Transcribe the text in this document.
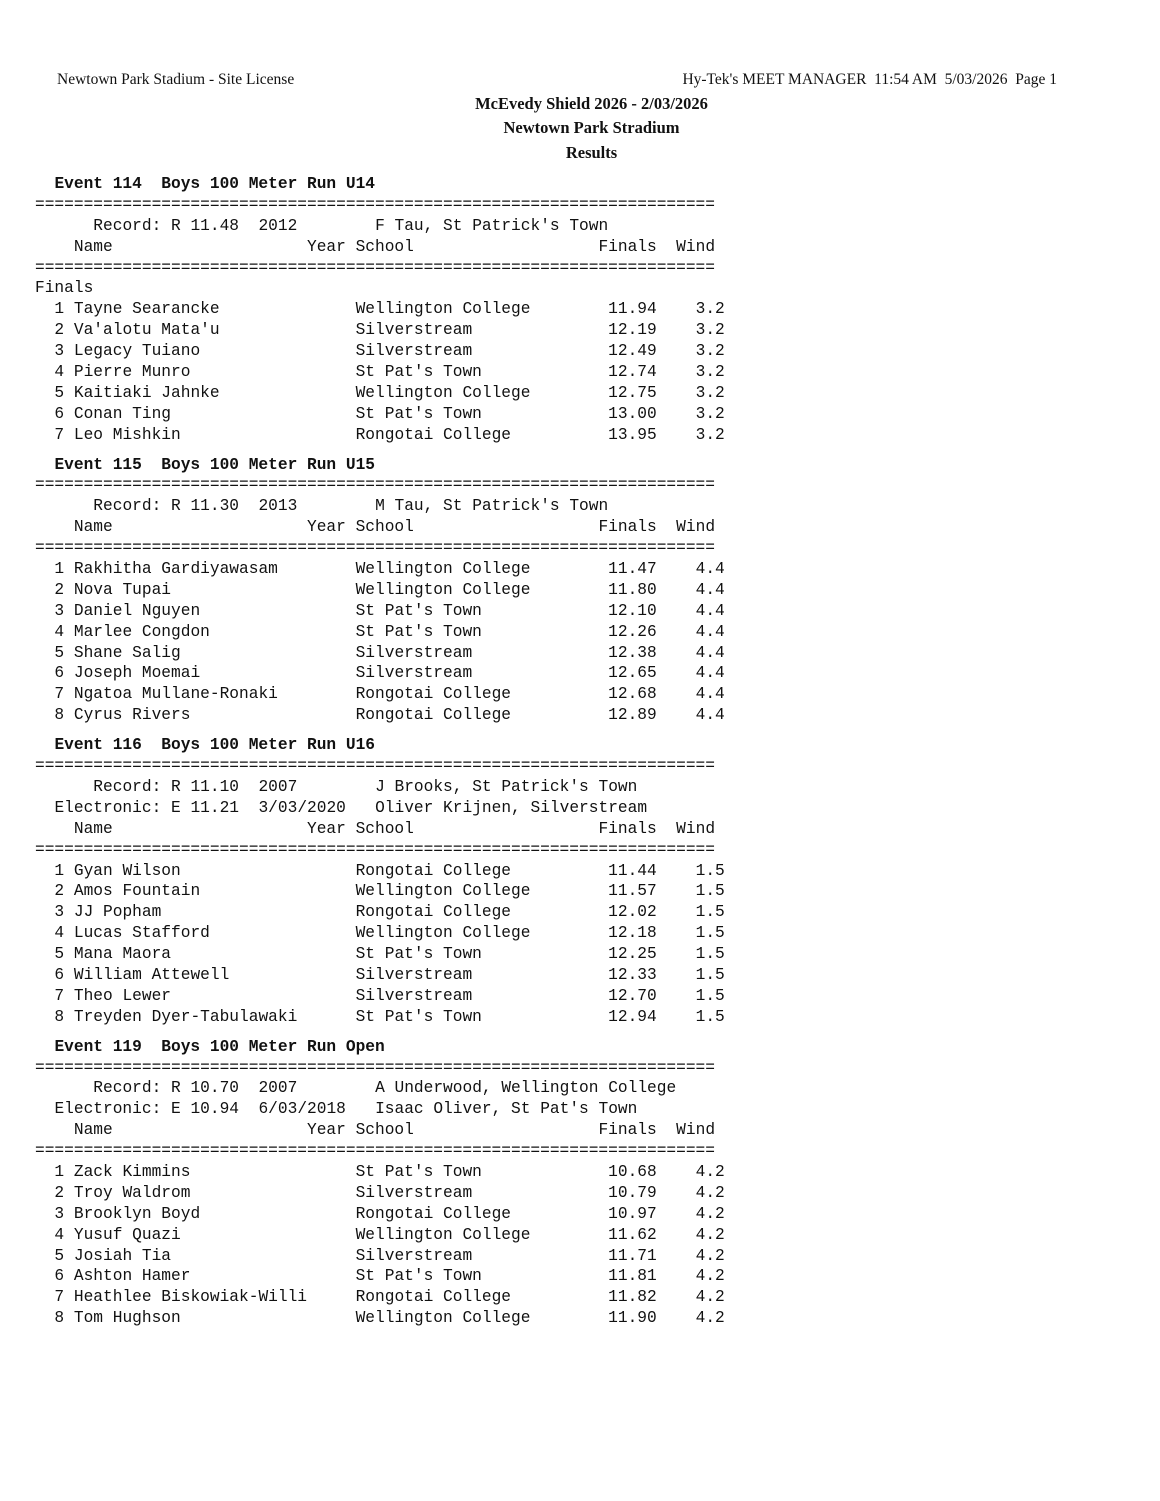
Newtown Park Stadium - Site License	Hy-Tek's MEET MANAGER  11:54 AM  5/03/2026  Page 1
McEvedy Shield 2026 - 2/03/2026
Newtown Park Stradium
Results
Event 114  Boys 100 Meter Run U14
======================================================================
Record: R 11.48 2012        F Tau, St Patrick's Town
Name                    Year School                   Finals Wind
======================================================================
Finals
1 Tayne Searancke              Wellington College        11.94    3.2
2 Va'alotu Mata'u              Silverstream              12.19    3.2
3 Legacy Tuiano                Silverstream              12.49    3.2
4 Pierre Munro                 St Pat's Town             12.74    3.2
5 Kaitiaki Jahnke              Wellington College        12.75    3.2
6 Conan Ting                   St Pat's Town             13.00    3.2
7 Leo Mishkin                  Rongotai College          13.95    3.2
Event 115  Boys 100 Meter Run U15
======================================================================
Record: R 11.30 2013        M Tau, St Patrick's Town
Name                    Year School                   Finals Wind
======================================================================
1 Rakhitha Gardiyawasam        Wellington College        11.47    4.4
2 Nova Tupai                   Wellington College        11.80    4.4
3 Daniel Nguyen                St Pat's Town             12.10    4.4
4 Marlee Congdon               St Pat's Town             12.26    4.4
5 Shane Salig                  Silverstream              12.38    4.4
6 Joseph Moemai                Silverstream              12.65    4.4
7 Ngatoa Mullane-Ronaki        Rongotai College          12.68    4.4
8 Cyrus Rivers                 Rongotai College          12.89    4.4
Event 116  Boys 100 Meter Run U16
======================================================================
Record: R 11.10 2007        J Brooks, St Patrick's Town
Electronic: E 11.21 3/03/2020 Oliver Krijnen, Silverstream
Name                    Year School                   Finals Wind
======================================================================
1 Gyan Wilson                  Rongotai College          11.44    1.5
2 Amos Fountain                Wellington College        11.57    1.5
3 JJ Popham                    Rongotai College          12.02    1.5
4 Lucas Stafford               Wellington College        12.18    1.5
5 Mana Maora                   St Pat's Town             12.25    1.5
6 William Attewell             Silverstream              12.33    1.5
7 Theo Lewer                   Silverstream              12.70    1.5
8 Treyden Dyer-Tabulawaki      St Pat's Town             12.94    1.5
Event 119  Boys 100 Meter Run Open
======================================================================
Record: R 10.70 2007        A Underwood, Wellington College
Electronic: E 10.94 6/03/2018 Isaac Oliver, St Pat's Town
Name                    Year School                   Finals Wind
======================================================================
1 Zack Kimmins                 St Pat's Town             10.68    4.2
2 Troy Waldrom                 Silverstream              10.79    4.2
3 Brooklyn Boyd                Rongotai College          10.97    4.2
4 Yusuf Quazi                  Wellington College        11.62    4.2
5 Josiah Tia                   Silverstream              11.71    4.2
6 Ashton Hamer                 St Pat's Town             11.81    4.2
7 Heathlee Biskowiak-Willi     Rongotai College          11.82    4.2
8 Tom Hughson                  Wellington College        11.90    4.2
